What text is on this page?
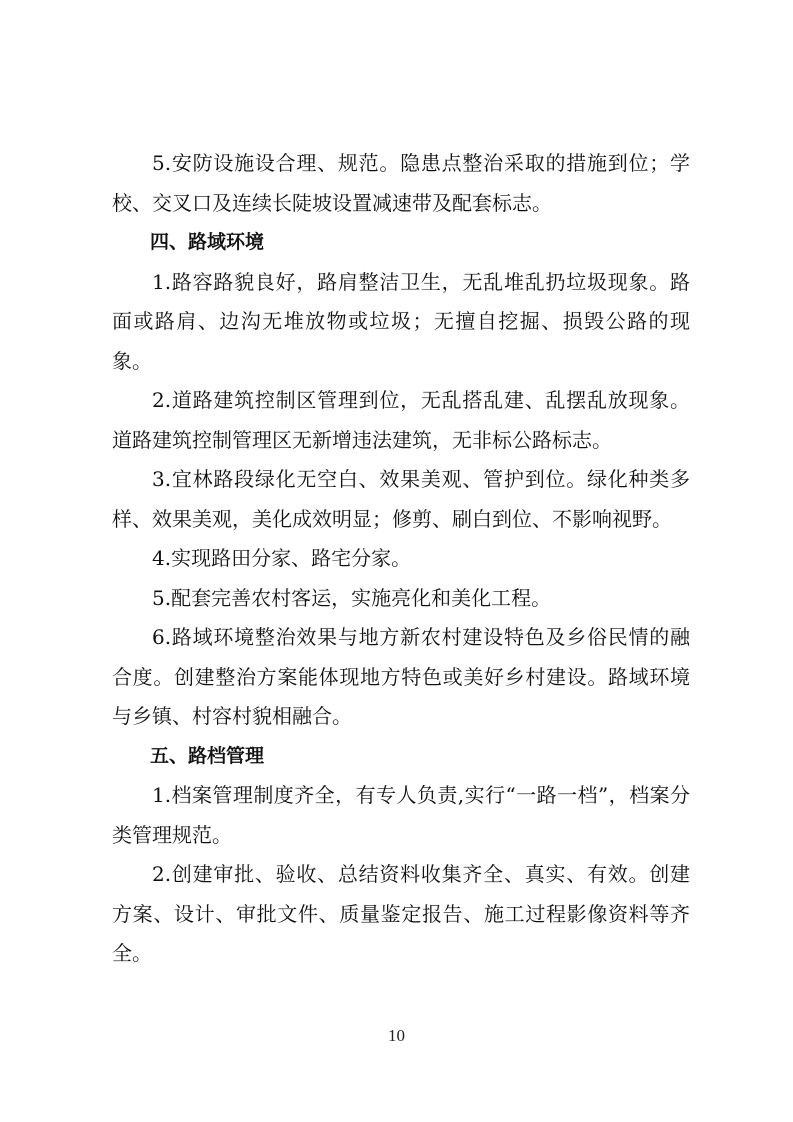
5.安防设施设合理、规范。隐患点整治采取的措施到位；学校、交叉口及连续长陡坡设置减速带及配套标志。

四、路域环境

1.路容路貌良好，路肩整洁卫生，无乱堆乱扔垃圾现象。路面或路肩、边沟无堆放物或垃圾；无擅自挖掘、损毁公路的现象。

2.道路建筑控制区管理到位，无乱搭乱建、乱摆乱放现象。道路建筑控制管理区无新增违法建筑，无非标公路标志。

3.宜林路段绿化无空白、效果美观、管护到位。绿化种类多样、效果美观，美化成效明显；修剪、刷白到位、不影响视野。

4.实现路田分家、路宅分家。

5.配套完善农村客运，实施亮化和美化工程。

6.路域环境整治效果与地方新农村建设特色及乡俗民情的融合度。创建整治方案能体现地方特色或美好乡村建设。路域环境与乡镇、村容村貌相融合。

五、路档管理

1.档案管理制度齐全，有专人负责,实行“一路一档”，档案分类管理规范。

2.创建审批、验收、总结资料收集齐全、真实、有效。创建方案、设计、审批文件、质量鉴定报告、施工过程影像资料等齐全。

10
